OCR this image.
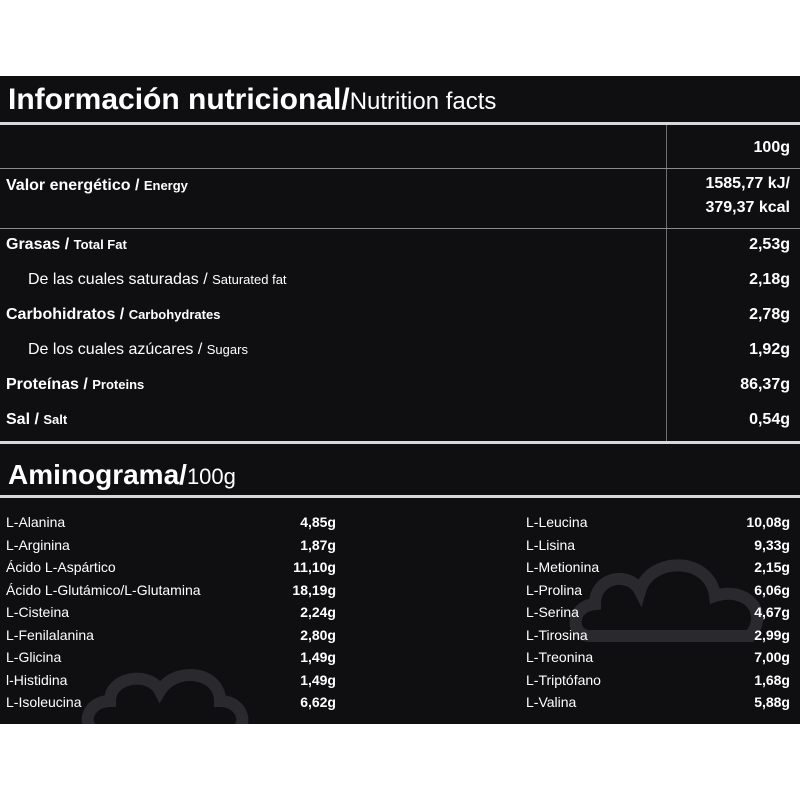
Información nutricional/Nutrition facts
100g
Valor energético / Energy	1585,77 kJ/
379,37 kcal
Grasas / Total Fat	2,53g
De las cuales saturadas / Saturated fat	2,18g
Carbohidratos / Carbohydrates	2,78g
De los cuales azúcares / Sugars	1,92g
Proteínas / Proteins	86,37g
Sal / Salt	0,54g
Aminograma/100g
L-Alanina	4,85g
L-Arginina	1,87g
Ácido L-Aspártico	11,10g
Ácido L-Glutámico/L-Glutamina	18,19g
L-Cisteina	2,24g
L-Fenilalanina	2,80g
L-Glicina	1,49g
l-Histidina	1,49g
L-Isoleucina	6,62g
L-Leucina	10,08g
L-Lisina	9,33g
L-Metionina	2,15g
L-Prolina	6,06g
L-Serina	4,67g
L-Tirosina	2,99g
L-Treonina	7,00g
L-Triptófano	1,68g
L-Valina	5,88g
